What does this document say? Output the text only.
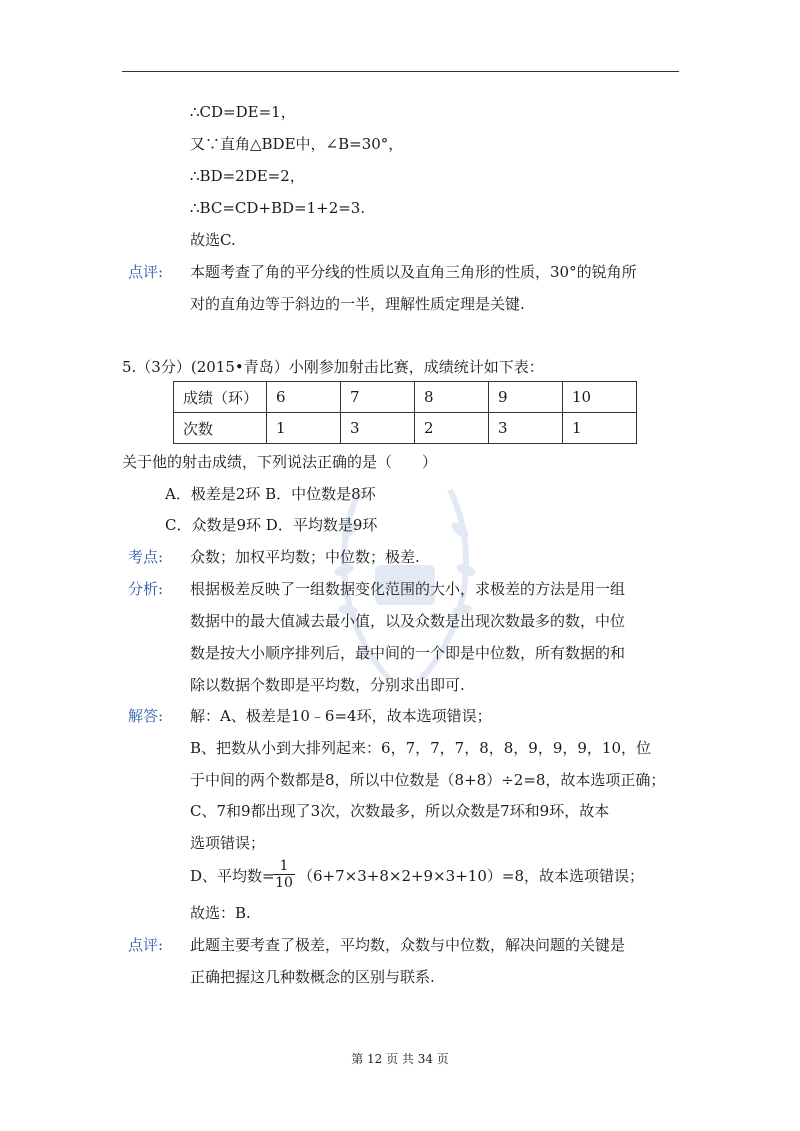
∴CD=DE=1，
又∵直角△BDE中，∠B=30°，
∴BD=2DE=2，
∴BC=CD+BD=1+2=3.
故选C.
点评: 本题考查了角的平分线的性质以及直角三角形的性质，30°的锐角所
对的直角边等于斜边的一半，理解性质定理是关键.
5.（3分）(2015•青岛）小刚参加射击比赛，成绩统计如下表：
成绩（环）	6	7	8	9	10
次数	1	3	2	3	1
关于他的射击成绩，下列说法正确的是（　　）
A．极差是2环 B．中位数是8环
C．众数是9环 D．平均数是9环
考点: 众数；加权平均数；中位数；极差.
分析: 根据极差反映了一组数据变化范围的大小，求极差的方法是用一组
数据中的最大值减去最小值，以及众数是出现次数最多的数，中位
数是按大小顺序排列后，最中间的一个即是中位数，所有数据的和
除以数据个数即是平均数，分别求出即可.
解答: 解：A、极差是10﹣6=4环，故本选项错误；
B、把数从小到大排列起来：6，7，7，7，8，8，9，9，9，10，位
于中间的两个数都是8，所以中位数是（8+8）÷2=8，故本选项正确；
C、7和9都出现了3次，次数最多，所以众数是7环和9环，故本
选项错误；
D、平均数=
$\frac{1}{10} (6+7\times 3+8\times 2+9\times 3+10)=8$，故本选项错误；
故选：B.
点评: 此题主要考查了极差，平均数，众数与中位数，解决问题的关键是
正确把握这几种数概念的区别与联系.
第 12 页 共 34 页
